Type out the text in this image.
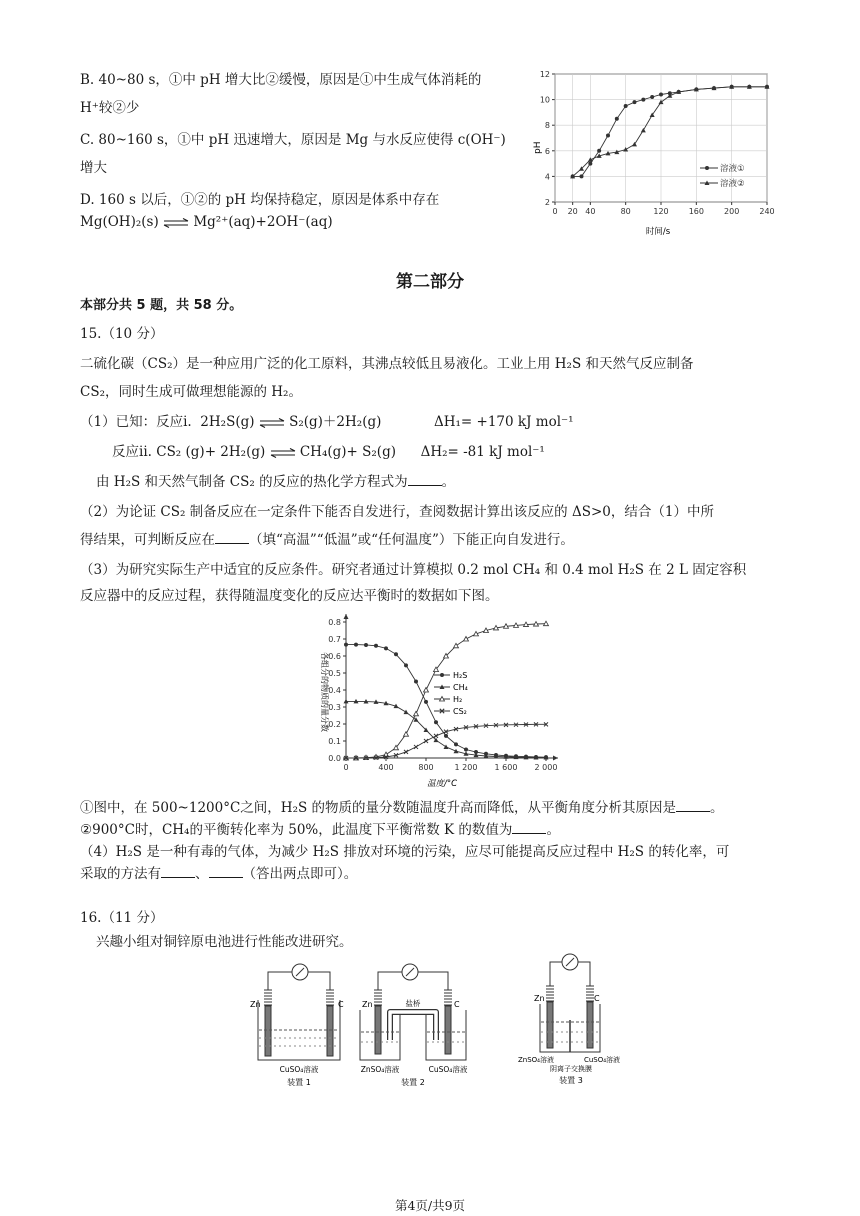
B. 40~80 s，①中 pH 增大比②缓慢，原因是①中生成气体消耗的
H⁺较②少
C. 80~160 s，①中 pH 迅速增大，原因是 Mg 与水反应使得 c(OH⁻)
增大
D. 160 s 以后，①②的 pH 均保持稳定，原因是体系中存在
Mg(OH)₂(s) ⇌ Mg²⁺(aq)+2OH⁻(aq)
2
4
6
8
10
12
0 20 40	80	120	160	200	240
pH
时间/s
溶液①
溶液②
第二部分
本部分共 5 题，共 58 分。
15.（10 分）
二硫化碳（CS₂）是一种应用广泛的化工原料，其沸点较低且易液化。工业上用 H₂S 和天然气反应制备
CS₂，同时生成可做理想能源的 H₂。
（1）已知：反应i. 2H₂S(g) ⇌ S₂(g)＋2H₂(g)	ΔH₁= +170 kJ mol⁻¹
反应ii. CS₂ (g)+ 2H₂(g) ⇌ CH₄(g)+ S₂(g) ΔH₂= -81 kJ mol⁻¹
由 H₂S 和天然气制备 CS₂ 的反应的热化学方程式为	。
（2）为论证 CS₂ 制备反应在一定条件下能否自发进行，查阅数据计算出该反应的 ΔS>0，结合（1）中所
得结果，可判断反应在	（填“高温”“低温”或“任何温度”）下能正向自发进行。
（3）为研究实际生产中适宜的反应条件。研究者通过计算模拟 0.2 mol CH₄ 和 0.4 mol H₂S 在 2 L 固定容积
反应器中的反应过程，获得随温度变化的反应达平衡时的数据如下图。
0.0
0.1
0.2
0.3
0.4
0.5
0.6
0.7
0.8
0	400	800	1 200 1 600 2 000
各组分的物质的量分数
温度/°C
H₂S
CH₄
H₂
CS₂
①图中，在 500~1200°C之间，H₂S 的物质的量分数随温度升高而降低，从平衡角度分析其原因是	。
②900°C时，CH₄的平衡转化率为 50%，此温度下平衡常数 K 的数值为	。
（4）H₂S 是一种有毒的气体，为减少 H₂S 排放对环境的污染，应尽可能提高反应过程中 H₂S 的转化率，可
采取的方法有	、	（答出两点即可）。
16.（11 分）
兴趣小组对铜锌原电池进行性能改进研究。
Zn	C
CuSO₄溶液
装置 1
盐桥
Zn	C
ZnSO₄溶液	CuSO₄溶液
装置 2
Zn	C
ZnSO₄溶液	CuSO₄溶液
阴离子交换膜
装置 3
第4页/共9页
